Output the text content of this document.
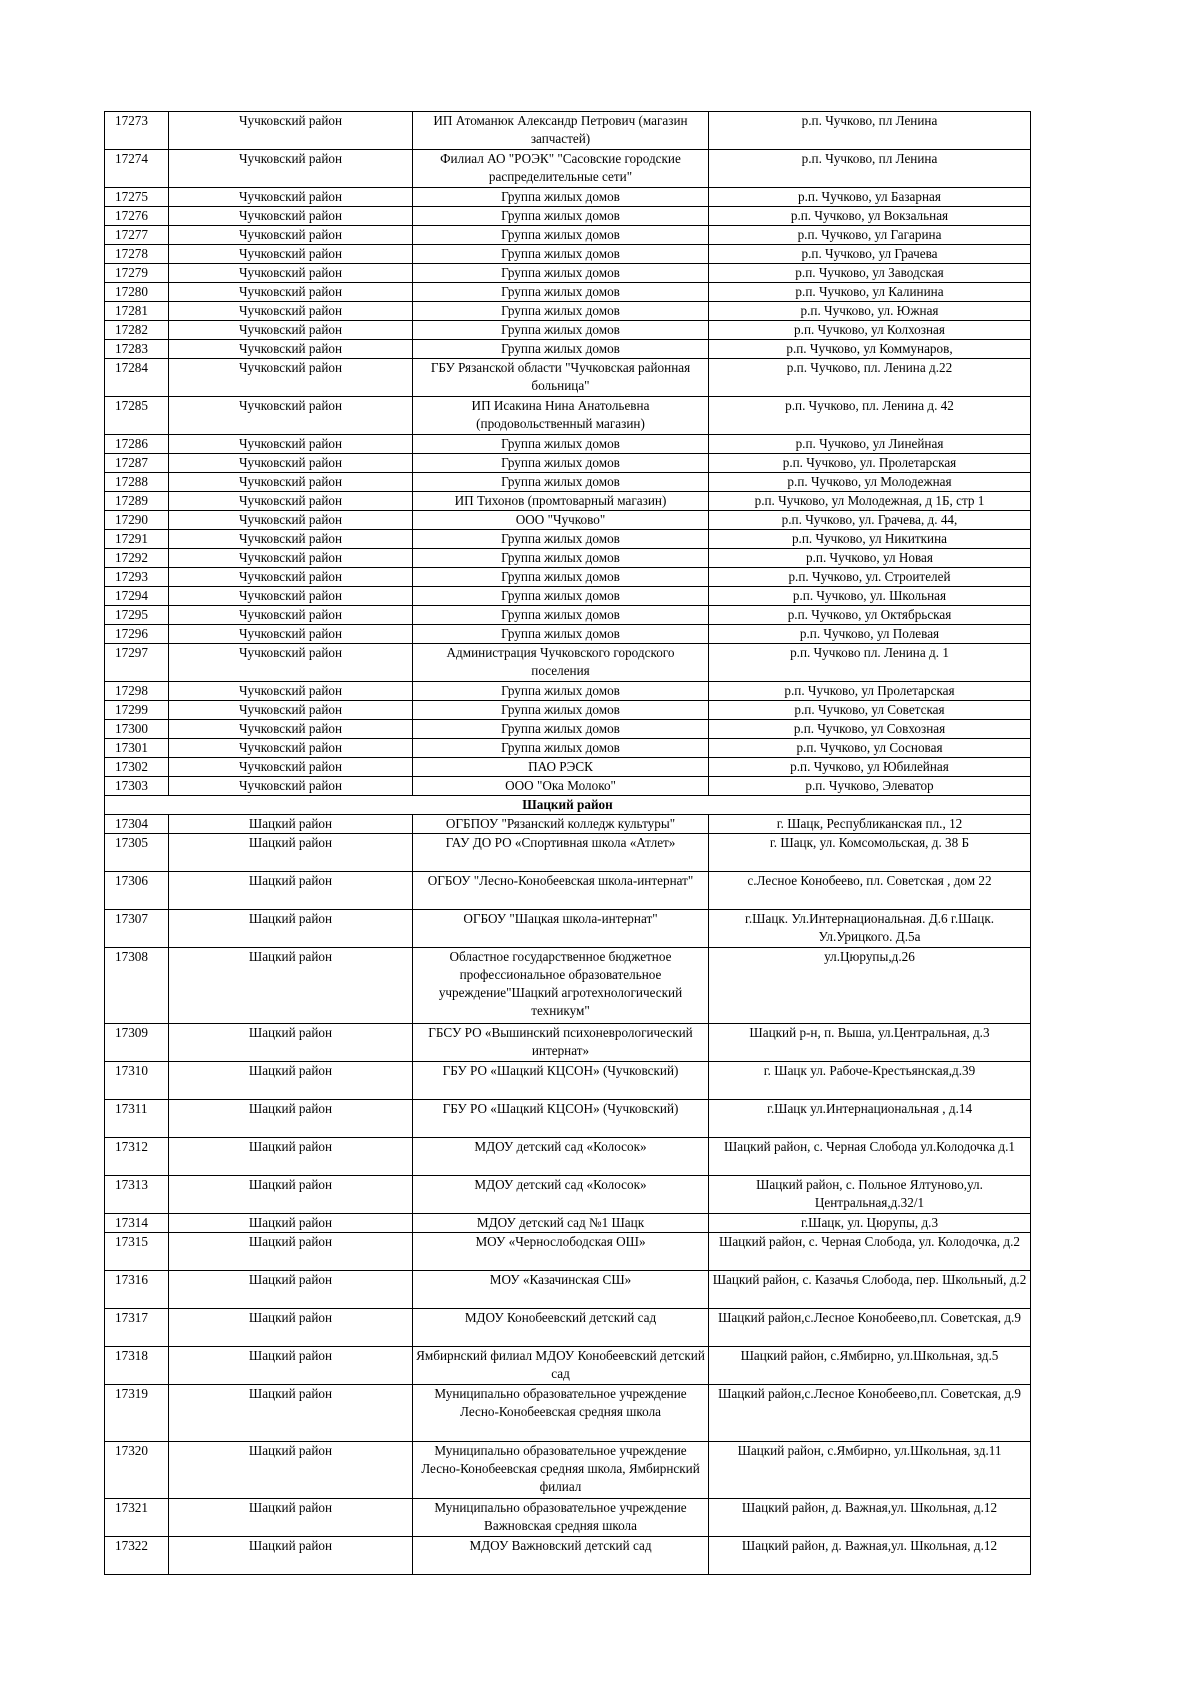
17273	Чучковский район	ИП Атоманюк Александр Петрович (магазин запчастей)	р.п. Чучково, пл Ленина
17274	Чучковский район	Филиал АО "РОЭК" "Сасовские городские распределительные сети"	р.п. Чучково, пл Ленина
17275	Чучковский район	Группа жилых домов	р.п. Чучково, ул Базарная
17276	Чучковский район	Группа жилых домов	р.п. Чучково, ул Вокзальная
17277	Чучковский район	Группа жилых домов	р.п. Чучково, ул Гагарина
17278	Чучковский район	Группа жилых домов	р.п. Чучково, ул Грачева
17279	Чучковский район	Группа жилых домов	р.п. Чучково, ул Заводская
17280	Чучковский район	Группа жилых домов	р.п. Чучково, ул Калинина
17281	Чучковский район	Группа жилых домов	р.п. Чучково, ул. Южная
17282	Чучковский район	Группа жилых домов	р.п. Чучково, ул Колхозная
17283	Чучковский район	Группа жилых домов	р.п. Чучково, ул Коммунаров,
17284	Чучковский район	ГБУ Рязанской области "Чучковская районная больница"	р.п. Чучково, пл. Ленина д.22
17285	Чучковский район	ИП Исакина Нина Анатольевна (продовольственный магазин)	р.п. Чучково, пл. Ленина д. 42
17286	Чучковский район	Группа жилых домов	р.п. Чучково, ул Линейная
17287	Чучковский район	Группа жилых домов	р.п. Чучково, ул. Пролетарская
17288	Чучковский район	Группа жилых домов	р.п. Чучково, ул Молодежная
17289	Чучковский район	ИП Тихонов (промтоварный магазин)	р.п. Чучково, ул Молодежная, д 1Б, стр 1
17290	Чучковский район	ООО "Чучково"	р.п. Чучково, ул. Грачева, д. 44,
17291	Чучковский район	Группа жилых домов	р.п. Чучково, ул Никиткина
17292	Чучковский район	Группа жилых домов	р.п. Чучково, ул Новая
17293	Чучковский район	Группа жилых домов	р.п. Чучково, ул. Строителей
17294	Чучковский район	Группа жилых домов	р.п. Чучково, ул. Школьная
17295	Чучковский район	Группа жилых домов	р.п. Чучково, ул Октябрьская
17296	Чучковский район	Группа жилых домов	р.п. Чучково, ул Полевая
17297	Чучковский район	Администрация Чучковского городского поселения	р.п. Чучково пл. Ленина д. 1
17298	Чучковский район	Группа жилых домов	р.п. Чучково, ул Пролетарская
17299	Чучковский район	Группа жилых домов	р.п. Чучково, ул Советская
17300	Чучковский район	Группа жилых домов	р.п. Чучково, ул Совхозная
17301	Чучковский район	Группа жилых домов	р.п. Чучково, ул Сосновая
17302	Чучковский район	ПАО РЭСК	р.п. Чучково, ул Юбилейная
17303	Чучковский район	ООО "Ока Молоко"	р.п. Чучково, Элеватор
Шацкий район			
17304	Шацкий район	ОГБПОУ "Рязанский колледж культуры"	г. Шацк, Республиканская пл., 12
17305	Шацкий район	ГАУ ДО РО «Спортивная школа «Атлет»	г. Шацк, ул. Комсомольская, д. 38 Б
17306	Шацкий район	ОГБОУ "Лесно-Конобеевская школа-интернат"	с.Лесное Конобеево, пл. Советская , дом 22
17307	Шацкий район	ОГБОУ "Шацкая школа-интернат"	г.Шацк. Ул.Интернациональная. Д.6 г.Шацк. Ул.Урицкого. Д.5а
17308	Шацкий район	Областное государственное бюджетное профессиональное образовательное учреждение"Шацкий агротехнологический техникум"	ул.Цюрупы,д.26
17309	Шацкий район	ГБСУ РО «Вышинский психоневрологический интернат»	Шацкий р-н, п. Выша, ул.Центральная, д.3
17310	Шацкий район	ГБУ РО «Шацкий КЦСОН» (Чучковский)	г. Шацк ул. Рабоче-Крестьянская,д.39
17311	Шацкий район	ГБУ РО «Шацкий КЦСОН» (Чучковский)	г.Шацк ул.Интернациональная , д.14
17312	Шацкий район	МДОУ детский сад «Колосок»	Шацкий район, с. Черная Слобода ул.Колодочка д.1
17313	Шацкий район	МДОУ детский сад «Колосок»	Шацкий район, с. Польное Ялтуново,ул. Центральная,д.32/1
17314	Шацкий район	МДОУ детский сад №1 Шацк	г.Шацк, ул. Цюрупы, д.3
17315	Шацкий район	МОУ «Чернослободская ОШ»	Шацкий район, с. Черная Слобода, ул. Колодочка, д.2
17316	Шацкий район	МОУ «Казачинская СШ»	Шацкий район, с. Казачья Слобода, пер. Школьный, д.2
17317	Шацкий район	МДОУ Конобеевский детский сад	Шацкий район,с.Лесное Конобеево,пл. Советская, д.9
17318	Шацкий район	Ямбирнский филиал МДОУ Конобеевский детский сад	Шацкий район, с.Ямбирно, ул.Школьная, зд.5
17319	Шацкий район	Муниципально образовательное учреждение Лесно-Конобеевская средняя школа	Шацкий район,с.Лесное Конобеево,пл. Советская, д.9
17320	Шацкий район	Муниципально образовательное учреждение Лесно-Конобеевская средняя школа, Ямбирнский филиал	Шацкий район, с.Ямбирно, ул.Школьная, зд.11
17321	Шацкий район	Муниципально образовательное учреждение Важновская средняя школа	Шацкий район, д. Важная,ул. Школьная, д.12
17322	Шацкий район	МДОУ Важновский детский сад	Шацкий район, д. Важная,ул. Школьная, д.12
